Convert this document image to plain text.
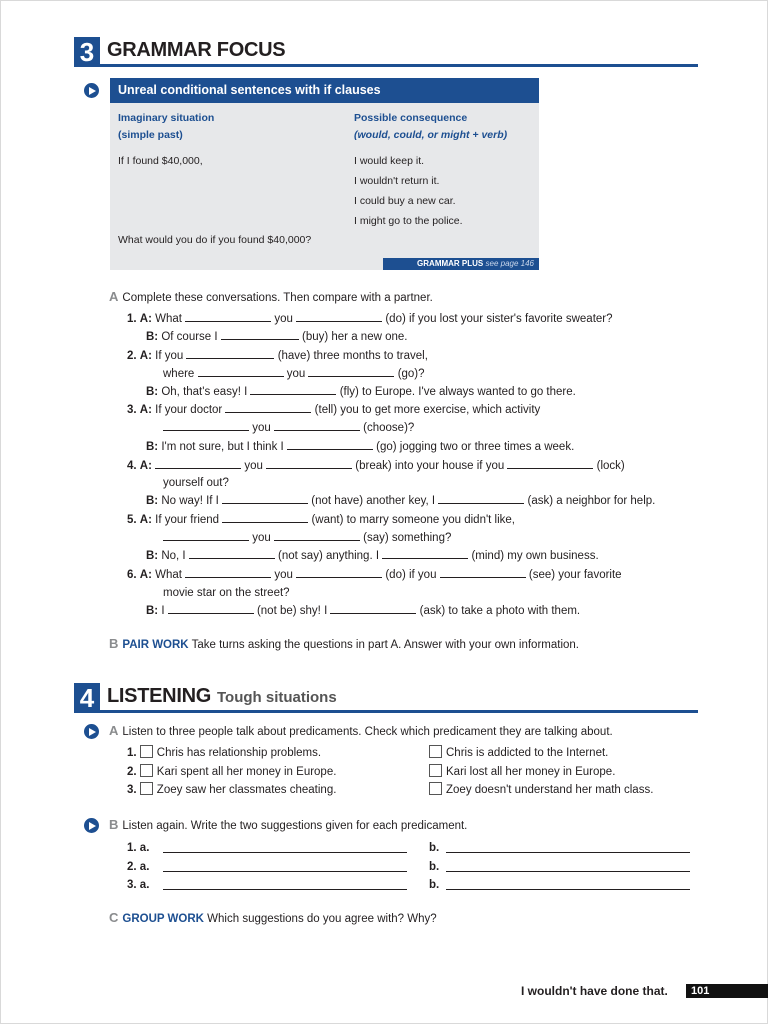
3 GRAMMAR FOCUS
Unreal conditional sentences with if clauses
Imaginary situation
(simple past)
Possible consequence
(would, could, or might + verb)
If I found $40,000,	I would keep it.
I wouldn't return it.
I could buy a new car.
I might go to the police.
What would you do if you found $40,000?
GRAMMAR PLUS see page 146
A Complete these conversations. Then compare with a partner.
1. A: What	you	(do) if you lost your sister's favorite sweater?
B: Of course I	(buy) her a new one.
2. A: If you	(have) three months to travel,
where	you	(go)?
B: Oh, that's easy! I	(fly) to Europe. I've always wanted to go there.
3. A: If your doctor	(tell) you to get more exercise, which activity
you	(choose)?
B: I'm not sure, but I think I	(go) jogging two or three times a week.
4. A:	you	(break) into your house if you	(lock)
yourself out?
B: No way! If I	(not have) another key, I	(ask) a neighbor for help.
5. A: If your friend	(want) to marry someone you didn't like,
you	(say) something?
B: No, I	(not say) anything. I	(mind) my own business.
6. A: What	you	(do) if you	(see) your favorite
movie star on the street?
B: I	(not be) shy! I	(ask) to take a photo with them.
B PAIR WORK Take turns asking the questions in part A. Answer with your own information.
4 LISTENING Tough situations
A Listen to three people talk about predicaments. Check which predicament they are talking about.
1. Chris has relationship problems.	Chris is addicted to the Internet.
2. Kari spent all her money in Europe.	Kari lost all her money in Europe.
3. Zoey saw her classmates cheating.	Zoey doesn't understand her math class.
B Listen again. Write the two suggestions given for each predicament.
1. a.	b.
2. a.	b.
3. a.	b.
C GROUP WORK Which suggestions do you agree with? Why?
I wouldn't have done that.	101
